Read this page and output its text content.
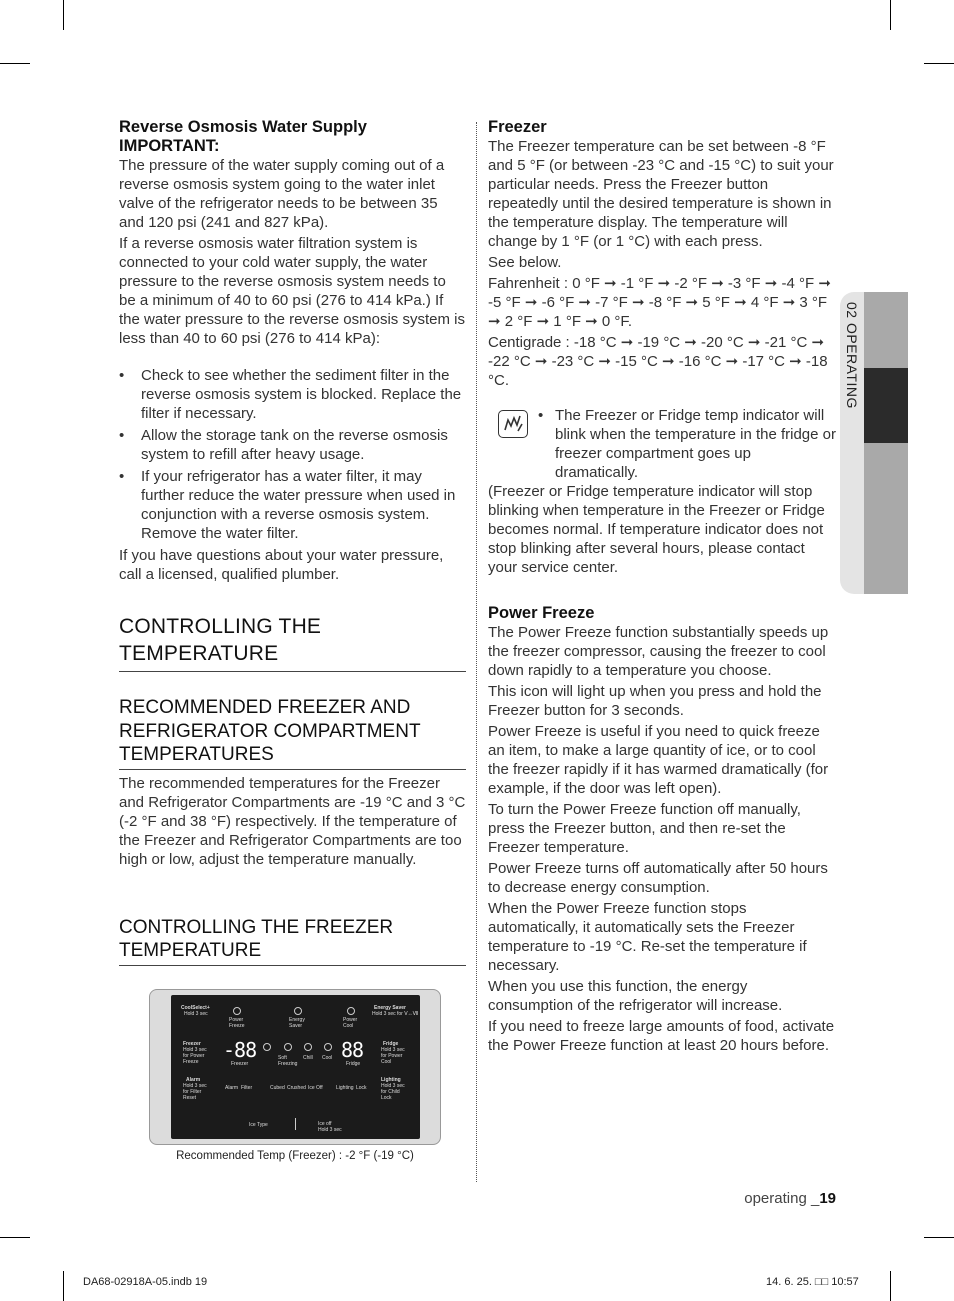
02 OPERATING
Reverse Osmosis Water Supply
IMPORTANT:

The pressure of the water supply coming out of a reverse osmosis system going to the water inlet valve of the refrigerator needs to be between 35 and 120 psi (241 and 827 kPa).

If a reverse osmosis water filtration system is connected to your cold water supply, the water pressure to the reverse osmosis system needs to be a minimum of 40 to 60 psi (276 to 414 kPa.) If the water pressure to the reverse osmosis system is less than 40 to 60 psi (276 to 414 kPa):

• Check to see whether the sediment filter in the reverse osmosis system is blocked. Replace the filter if necessary.
• Allow the storage tank on the reverse osmosis system to refill after heavy usage.
• If your refrigerator has a water filter, it may further reduce the water pressure when used in conjunction with a reverse osmosis system. Remove the water filter.

If you have questions about your water pressure, call a licensed, qualified plumber.

CONTROLLING THE TEMPERATURE
RECOMMENDED FREEZER AND REFRIGERATOR COMPARTMENT TEMPERATURES

The recommended temperatures for the Freezer and Refrigerator Compartments are -19 °C and 3 °C (-2 °F and 38 °F) respectively. If the temperature of the Freezer and Refrigerator Compartments are too high or low, adjust the temperature manually.

CONTROLLING THE FREEZER TEMPERATURE
CoolSelect+
Hold 3 sec
Energy Saver
Hold 3 sec for Ⅴ↔Ⅶ
Power Freeze
Energy Saver
Power Cool
Freezer
Hold 3 sec for Power Freeze	-88
Freezer
Soft Freezing
Chill Cool 88
Fridge
Fridge
Hold 3 sec for Power Cool
Alarm
Hold 3 sec for Filter Reset
Alarm Filter	Cubed Crushed Ice Off	Lighting Lock
Lighting
Hold 3 sec for Child Lock
Ice Type	Ice off
Hold 3 sec
Recommended Temp (Freezer) : -2 °F (-19 °C)
Freezer

The Freezer temperature can be set between -8 °F and 5 °F (or between -23 °C and -15 °C) to suit your particular needs. Press the Freezer button repeatedly until the desired temperature is shown in the temperature display. The temperature will change by 1 °F (or 1 °C) with each press.

See below.

Fahrenheit : 0 °F ➞ -1 °F ➞ -2 °F ➞ -3 °F ➞ -4 °F ➞ -5 °F ➞ -6 °F ➞ -7 °F ➞ -8 °F ➞ 5 °F ➞ 4 °F ➞ 3 °F ➞ 2 °F ➞ 1 °F ➞ 0 °F.

Centigrade : -18 °C ➞ -19 °C ➞ -20 °C ➞ -21 °C ➞ -22 °C ➞ -23 °C ➞ -15 °C ➞ -16 °C ➞ -17 °C ➞ -18 °C.

• The Freezer or Fridge temp indicator will blink when the temperature in the fridge or freezer compartment goes up dramatically.

(Freezer or Fridge temperature indicator will stop blinking when temperature in the Freezer or Fridge becomes normal. If temperature indicator does not stop blinking after several hours, please contact your service center.

Power Freeze

The Power Freeze function substantially speeds up the freezer compressor, causing the freezer to cool down rapidly to a temperature you choose.

This icon will light up when you press and hold the Freezer button for 3 seconds.

Power Freeze is useful if you need to quick freeze an item, to make a large quantity of ice, or to cool the freezer rapidly if it has warmed dramatically (for example, if the door was left open).

To turn the Power Freeze function off manually, press the Freezer button, and then re-set the Freezer temperature.

Power Freeze turns off automatically after 50 hours to decrease energy consumption.

When the Power Freeze function stops automatically, it automatically sets the Freezer temperature to -19 °C. Re-set the temperature if necessary.

When you use this function, the energy consumption of the refrigerator will increase.

If you need to freeze large amounts of food, activate the Power Freeze function at least 20 hours before.

operating _19
DA68-02918A-05.indb 19	14. 6. 25. □□ 10:57
